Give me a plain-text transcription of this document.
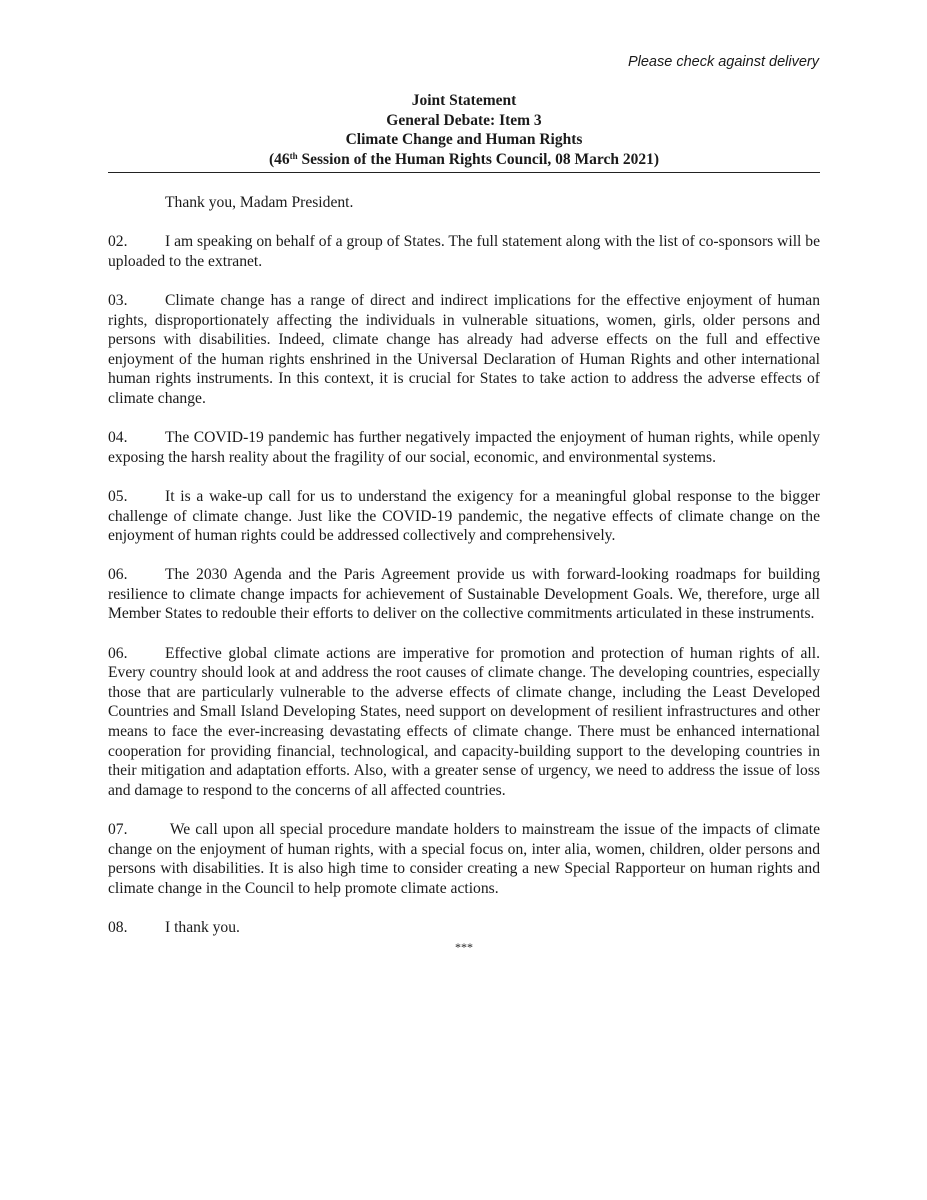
Please check against delivery
Joint Statement
General Debate: Item 3
Climate Change and Human Rights
(46th Session of the Human Rights Council, 08 March 2021)

Thank you, Madam President.

02. I am speaking on behalf of a group of States. The full statement along with the list of co-sponsors will be uploaded to the extranet.

03. Climate change has a range of direct and indirect implications for the effective enjoyment of human rights, disproportionately affecting the individuals in vulnerable situations, women, girls, older persons and persons with disabilities. Indeed, climate change has already had adverse effects on the full and effective enjoyment of the human rights enshrined in the Universal Declaration of Human Rights and other international human rights instruments. In this context, it is crucial for States to take action to address the adverse effects of climate change.

04. The COVID-19 pandemic has further negatively impacted the enjoyment of human rights, while openly exposing the harsh reality about the fragility of our social, economic, and environmental systems.

05. It is a wake-up call for us to understand the exigency for a meaningful global response to the bigger challenge of climate change. Just like the COVID-19 pandemic, the negative effects of climate change on the enjoyment of human rights could be addressed collectively and comprehensively.

06. The 2030 Agenda and the Paris Agreement provide us with forward-looking roadmaps for building resilience to climate change impacts for achievement of Sustainable Development Goals. We, therefore, urge all Member States to redouble their efforts to deliver on the collective commitments articulated in these instruments.

06. Effective global climate actions are imperative for promotion and protection of human rights of all. Every country should look at and address the root causes of climate change. The developing countries, especially those that are particularly vulnerable to the adverse effects of climate change, including the Least Developed Countries and Small Island Developing States, need support on development of resilient infrastructures and other means to face the ever-increasing devastating effects of climate change. There must be enhanced international cooperation for providing financial, technological, and capacity-building support to the developing countries in their mitigation and adaptation efforts. Also, with a greater sense of urgency, we need to address the issue of loss and damage to respond to the concerns of all affected countries.

07. We call upon all special procedure mandate holders to mainstream the issue of the impacts of climate change on the enjoyment of human rights, with a special focus on, inter alia, women, children, older persons and persons with disabilities. It is also high time to consider creating a new Special Rapporteur on human rights and climate change in the Council to help promote climate actions.

08. I thank you.

***
